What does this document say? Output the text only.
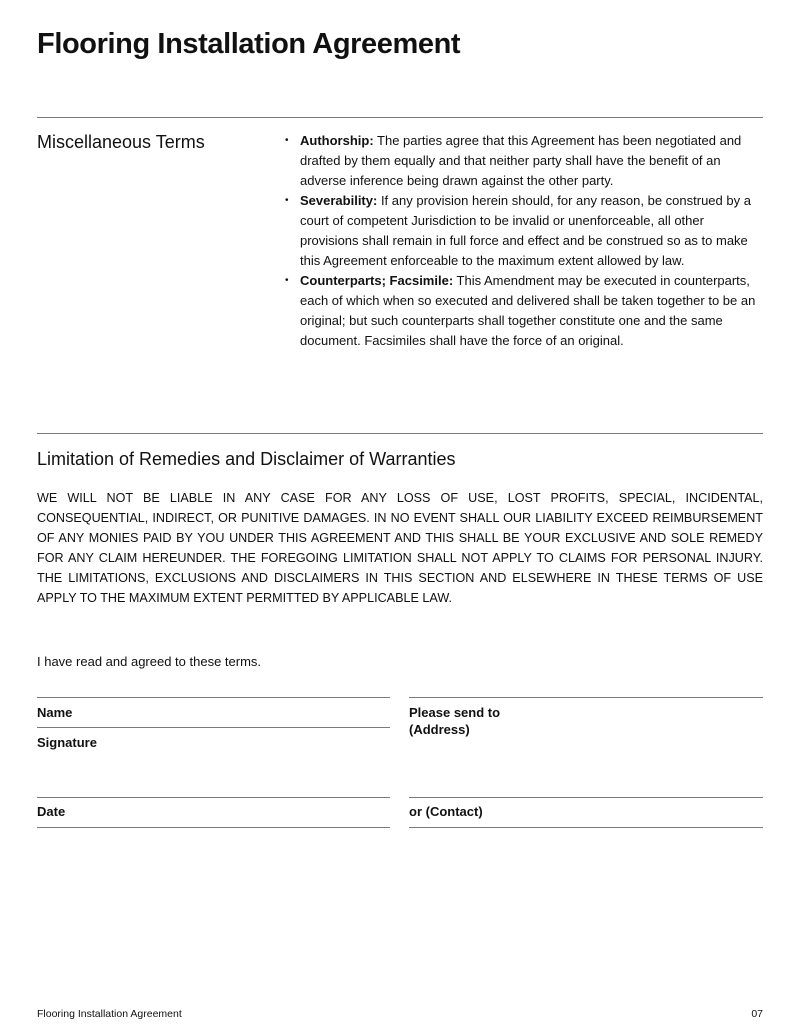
Flooring Installation Agreement
Miscellaneous Terms	• Authorship: The parties agree that this Agreement has been negotiated and drafted by them equally and that neither party shall have the benefit of an adverse inference being drawn against the other party.
• Severability: If any provision herein should, for any reason, be construed by a court of competent Jurisdiction to be invalid or unenforceable, all other provisions shall remain in full force and effect and be construed so as to make this Agreement enforceable to the maximum extent allowed by law.
• Counterparts; Facsimile: This Amendment may be executed in counterparts, each of which when so executed and delivered shall be taken together to be an original; but such counterparts shall together constitute one and the same document. Facsimiles shall have the force of an original.
Limitation of Remedies and Disclaimer of Warranties

WE WILL NOT BE LIABLE IN ANY CASE FOR ANY LOSS OF USE, LOST PROFITS, SPECIAL, INCIDENTAL, CONSEQUENTIAL, INDIRECT, OR PUNITIVE DAMAGES. IN NO EVENT SHALL OUR LIABILITY EXCEED REIMBURSEMENT OF ANY MONIES PAID BY YOU UNDER THIS AGREEMENT AND THIS SHALL BE YOUR EXCLUSIVE AND SOLE REMEDY FOR ANY CLAIM HEREUNDER. THE FOREGOING LIMITATION SHALL NOT APPLY TO CLAIMS FOR PERSONAL INJURY. THE LIMITATIONS, EXCLUSIONS AND DISCLAIMERS IN THIS SECTION AND ELSEWHERE IN THESE TERMS OF USE APPLY TO THE MAXIMUM EXTENT PERMITTED BY APPLICABLE LAW.

I have read and agreed to these terms.
Name
Signature
Date
Please send to
(Address)
or (Contact)
Flooring Installation Agreement	07
